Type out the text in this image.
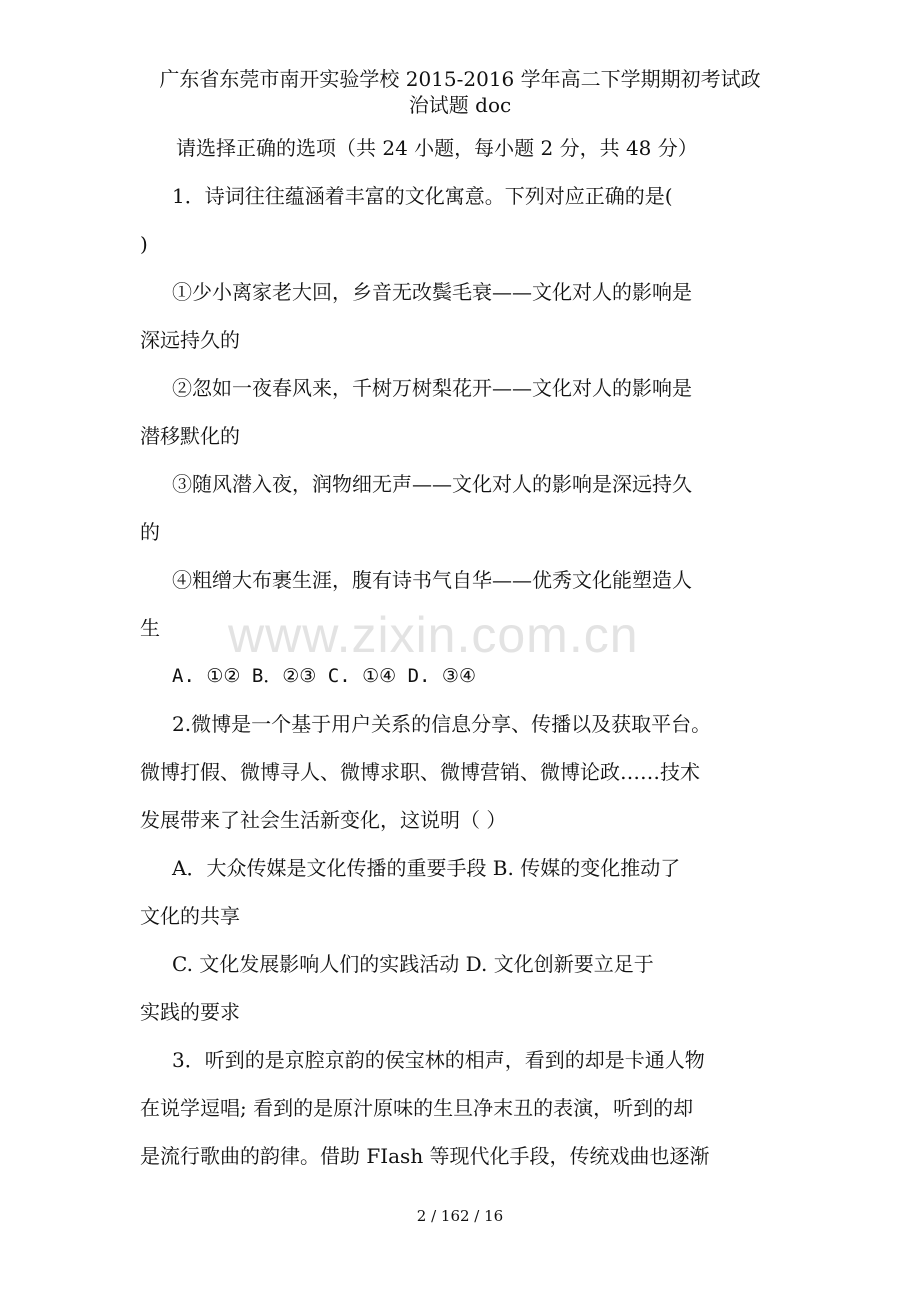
广东省东莞市南开实验学校 2015-2016 学年高二下学期期初考试政
治试题 doc
请选择正确的选项（共 24 小题，每小题 2 分，共 48 分）
1．诗词往往蕴涵着丰富的文化寓意。下列对应正确的是(
)
①少小离家老大回，乡音无改鬓毛衰——文化对人的影响是
深远持久的
②忽如一夜春风来，千树万树梨花开——文化对人的影响是
潜移默化的
③随风潜入夜，润物细无声——文化对人的影响是深远持久
的
④粗缯大布裹生涯，腹有诗书气自华——优秀文化能塑造人
生
A. ①② B．②③ C. ①④ D. ③④
2.微博是一个基于用户关系的信息分享、传播以及获取平台。
微博打假、微博寻人、微博求职、微博营销、微博论政……技术
发展带来了社会生活新变化，这说明（ ）
A．大众传媒是文化传播的重要手段 B. 传媒的变化推动了
文化的共享
C. 文化发展影响人们的实践活动 D. 文化创新要立足于
实践的要求
3．听到的是京腔京韵的侯宝林的相声，看到的却是卡通人物
在说学逗唱; 看到的是原汁原味的生旦净末丑的表演，听到的却
是流行歌曲的韵律。借助 FIash 等现代化手段，传统戏曲也逐渐
www.zixin.com.cn
2 / 162 / 16
